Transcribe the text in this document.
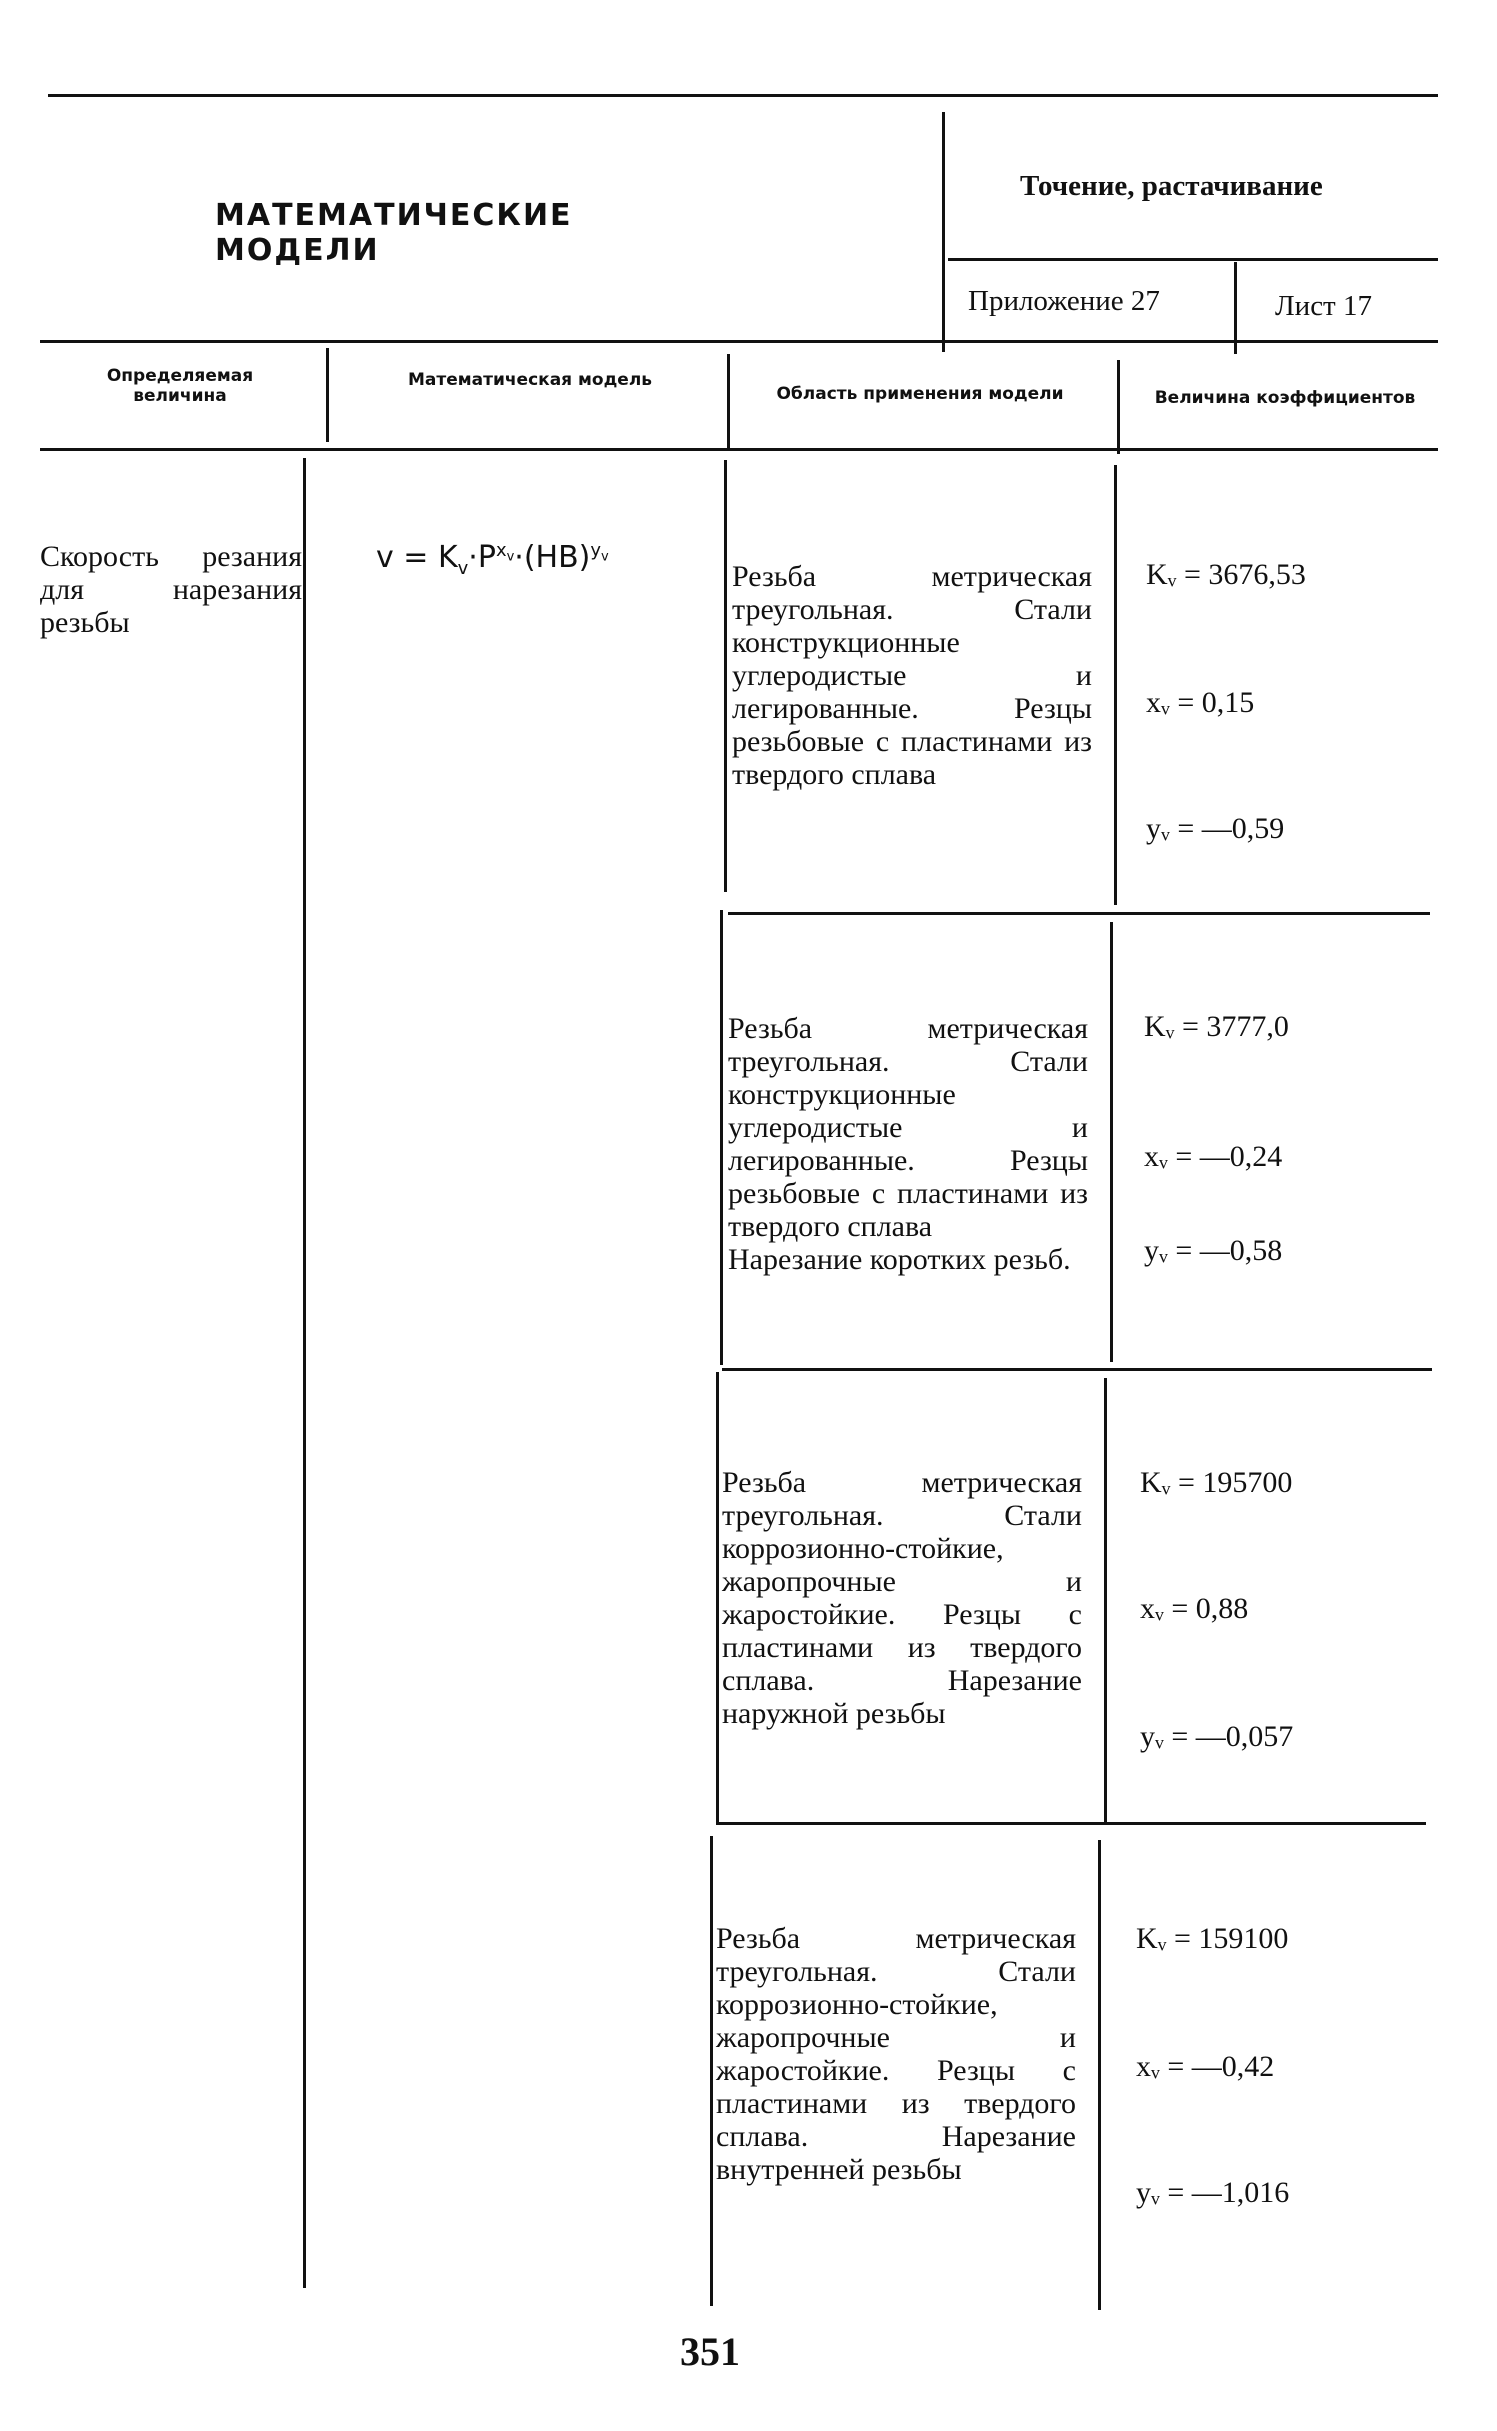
МАТЕМАТИЧЕСКИЕ МОДЕЛИ
Точение, растачивание
Приложение 27	Лист 17
Определяемая величина
Математическая модель
Область применения модели	Величина коэффициентов
Скорость резания для нарезания резьбы
$v = K_v\cdot P^{x_v}\cdot(HB)^{y_v}$
Резьба метрическая треугольная. Стали конструкционные углеродистые и легированные. Резцы резьбовые с пластинами из твердого сплава
Kᵥ = 3676,53
xᵥ = 0,15
yᵥ = —0,59
Резьба метрическая треугольная. Стали конструкционные углеродистые и легированные. Резцы резьбовые с пластинами из твердого сплава
Нарезание коротких резьб.
Kᵥ = 3777,0
xᵥ = —0,24
yᵥ = —0,58
Резьба метрическая треугольная. Стали коррозионно-стойкие, жаропрочные и жаростойкие. Резцы с пластинами из твердого сплава. Нарезание наружной резьбы
Kᵥ = 195700
xᵥ = 0,88
yᵥ = —0,057
Резьба метрическая треугольная. Стали коррозионно-стойкие, жаропрочные и жаростойкие. Резцы с пластинами из твердого сплава. Нарезание внутренней резьбы
Kᵥ = 159100
xᵥ = —0,42
yᵥ = —1,016
351
